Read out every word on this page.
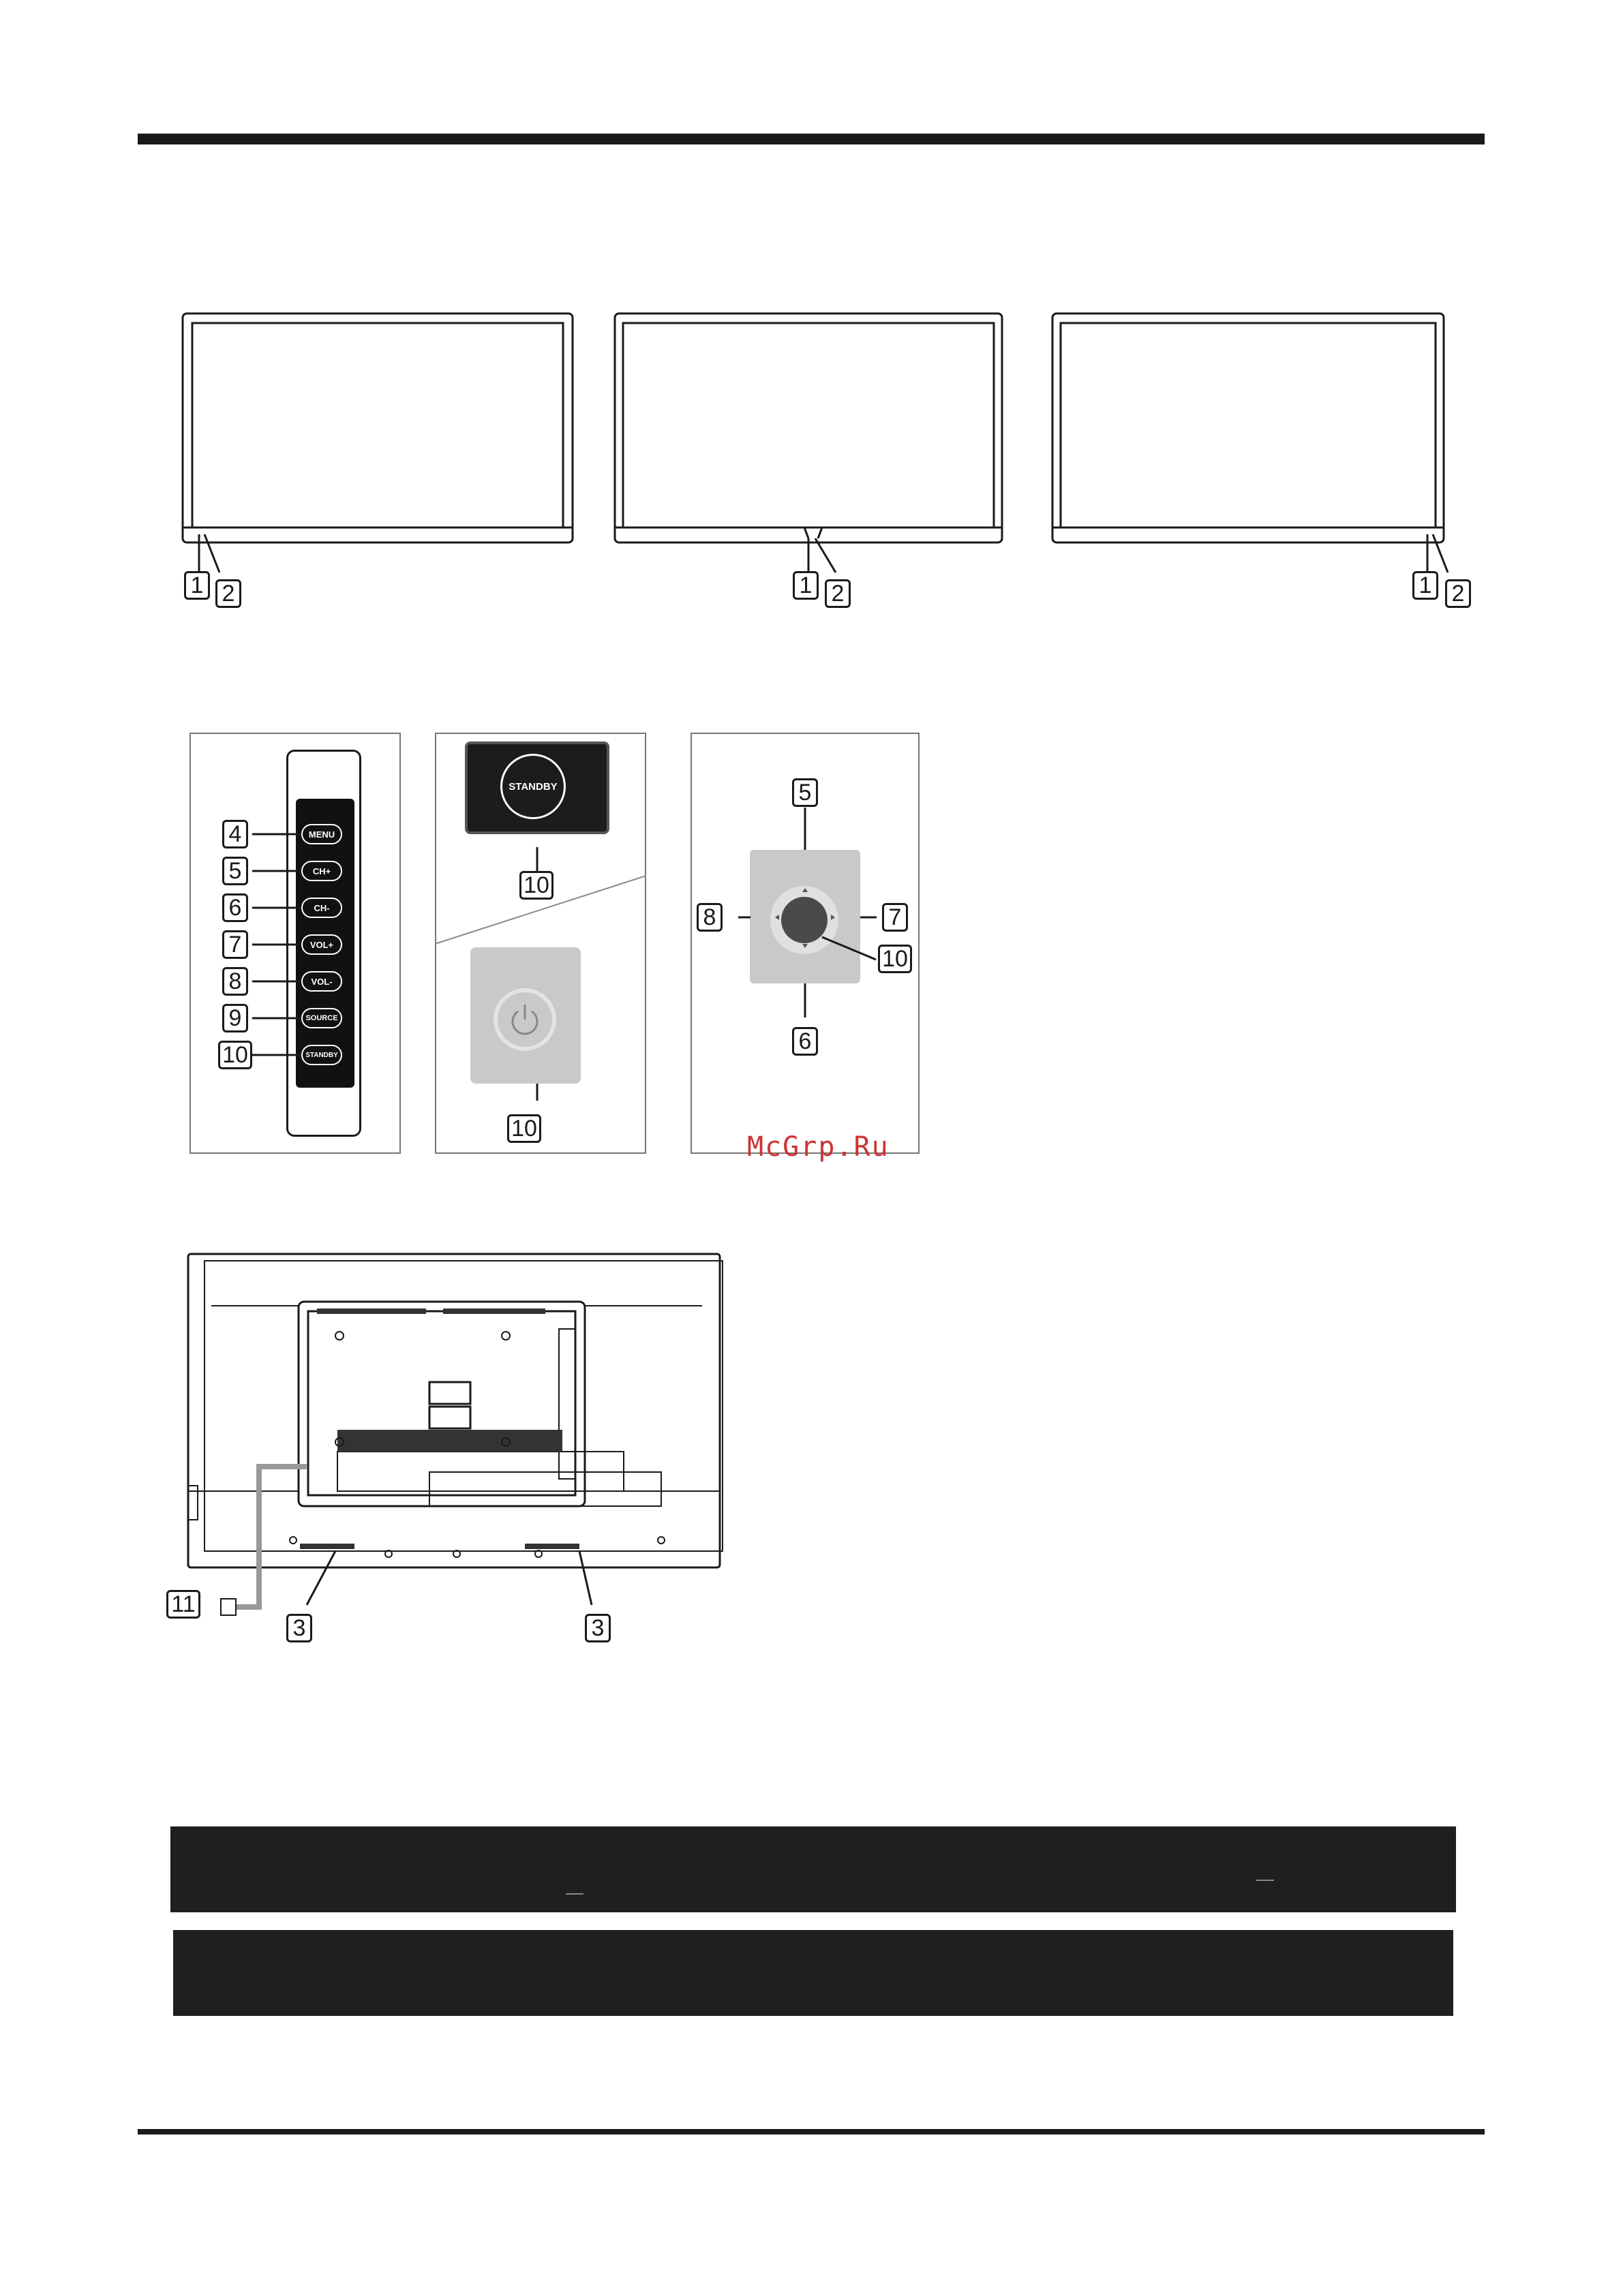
1 2	1 2	1 2
MENU
CH+
CH-
VOL+
VOL-
SOURCE
STANDBY
4
5
6
7
8
9
10
STANDBY
10
10
5
8	7
10
6
McGrp.Ru
11
3	3
